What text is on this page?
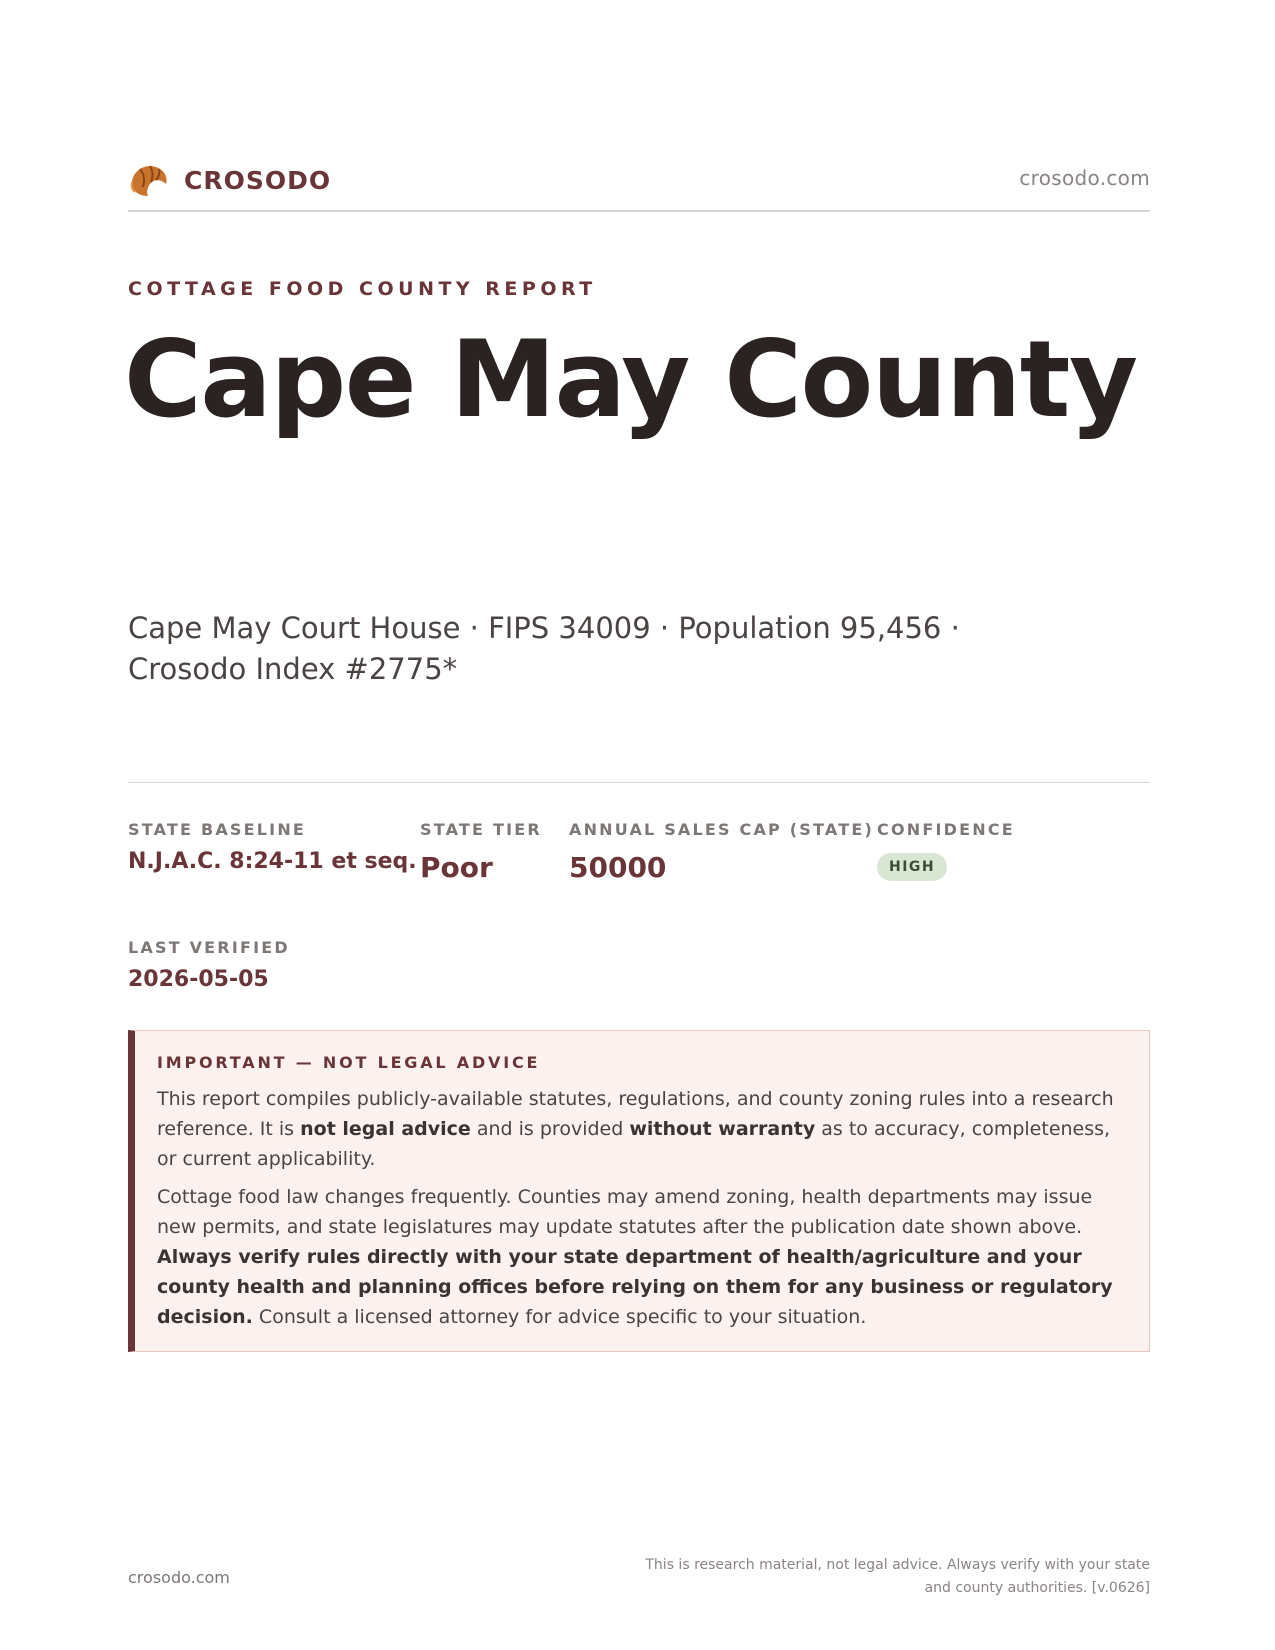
CROSODO	crosodo.com
COTTAGE FOOD COUNTY REPORT
Cape May County
Cape May Court House · FIPS 34009 · Population 95,456 ·
Crosodo Index #2775*
STATE BASELINE
N.J.A.C. 8:24-11 et seq.
STATE TIER
Poor
ANNUAL SALES CAP (STATE)
50000
CONFIDENCE
HIGH
LAST VERIFIED
2026-05-05
IMPORTANT — NOT LEGAL ADVICE

This report compiles publicly-available statutes, regulations, and county zoning rules into a research reference. It is not legal advice and is provided without warranty as to accuracy, completeness, or current applicability.

Cottage food law changes frequently. Counties may amend zoning, health departments may issue new permits, and state legislatures may update statutes after the publication date shown above. Always verify rules directly with your state department of health/agriculture and your county health and planning offices before relying on them for any business or regulatory decision. Consult a licensed attorney for advice specific to your situation.

crosodo.com
This is research material, not legal advice. Always verify with your state
and county authorities. [v.0626]
